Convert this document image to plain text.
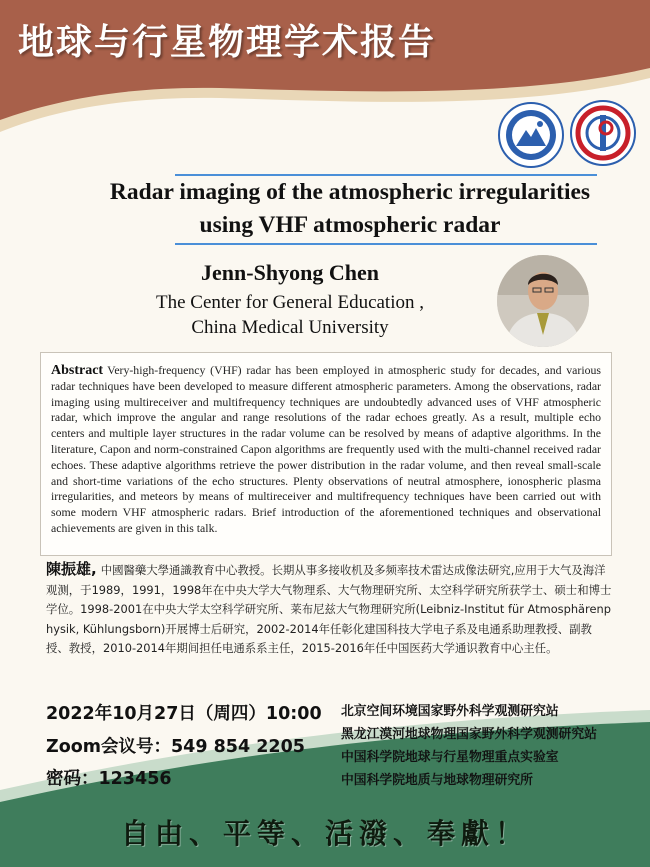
地球与行星物理学术报告
Radar imaging of the atmospheric irregularities
using VHF atmospheric radar

Jenn-Shyong Chen

The Center for General Education ,

China Medical University

Abstract Very-high-frequency (VHF) radar has been employed in atmospheric study for decades, and various radar techniques have been developed to measure different atmospheric parameters. Among the observations, radar imaging using multireceiver and multifrequency techniques are undoubtedly advanced uses of VHF atmospheric radar, which improve the angular and range resolutions of the radar echoes greatly. As a result, multiple echo centers and multiple layer structures in the radar volume can be resolved by means of adaptive algorithms. In the literature, Capon and norm-constrained Capon algorithms are frequently used with the multi-channel received radar echoes. These adaptive algorithms retrieve the power distribution in the radar volume, and then reveal small-scale and short-time variations of the echo structures. Plenty observations of neutral atmosphere, ionospheric plasma irregularities, and meteors by means of multireceiver and multifrequency techniques have been carried out with some modern VHF atmospheric radars. Brief introduction of the aforementioned techniques and observational achievements are given in this talk.

陳振雄, 中國醫藥大學通識教育中心教授。长期从事多接收机及多频率技术雷达成像法研究,应用于大气及海洋观测，于1989，1991，1998年在中央大学大气物理系、大气物理研究所、太空科学研究所获学士、硕士和博士学位。1998-2001在中央大学太空科学研究所、莱布尼兹大气物理研究所(Leibniz-Institut für Atmosphärenphysik, Kühlungsborn)开展博士后研究，2002-2014年任彰化建国科技大学电子系及电通系助理教授、副教授、教授，2010-2014年期间担任电通系系主任，2015-2016年任中国医药大学通识教育中心主任。

2022年10月27日（周四）10:00

Zoom会议号：549 854 2205

密码：123456

北京空间环境国家野外科学观测研究站

黑龙江漠河地球物理国家野外科学观测研究站

中国科学院地球与行星物理重点实验室

中国科学院地质与地球物理研究所

自由、平等、活潑、奉獻！
